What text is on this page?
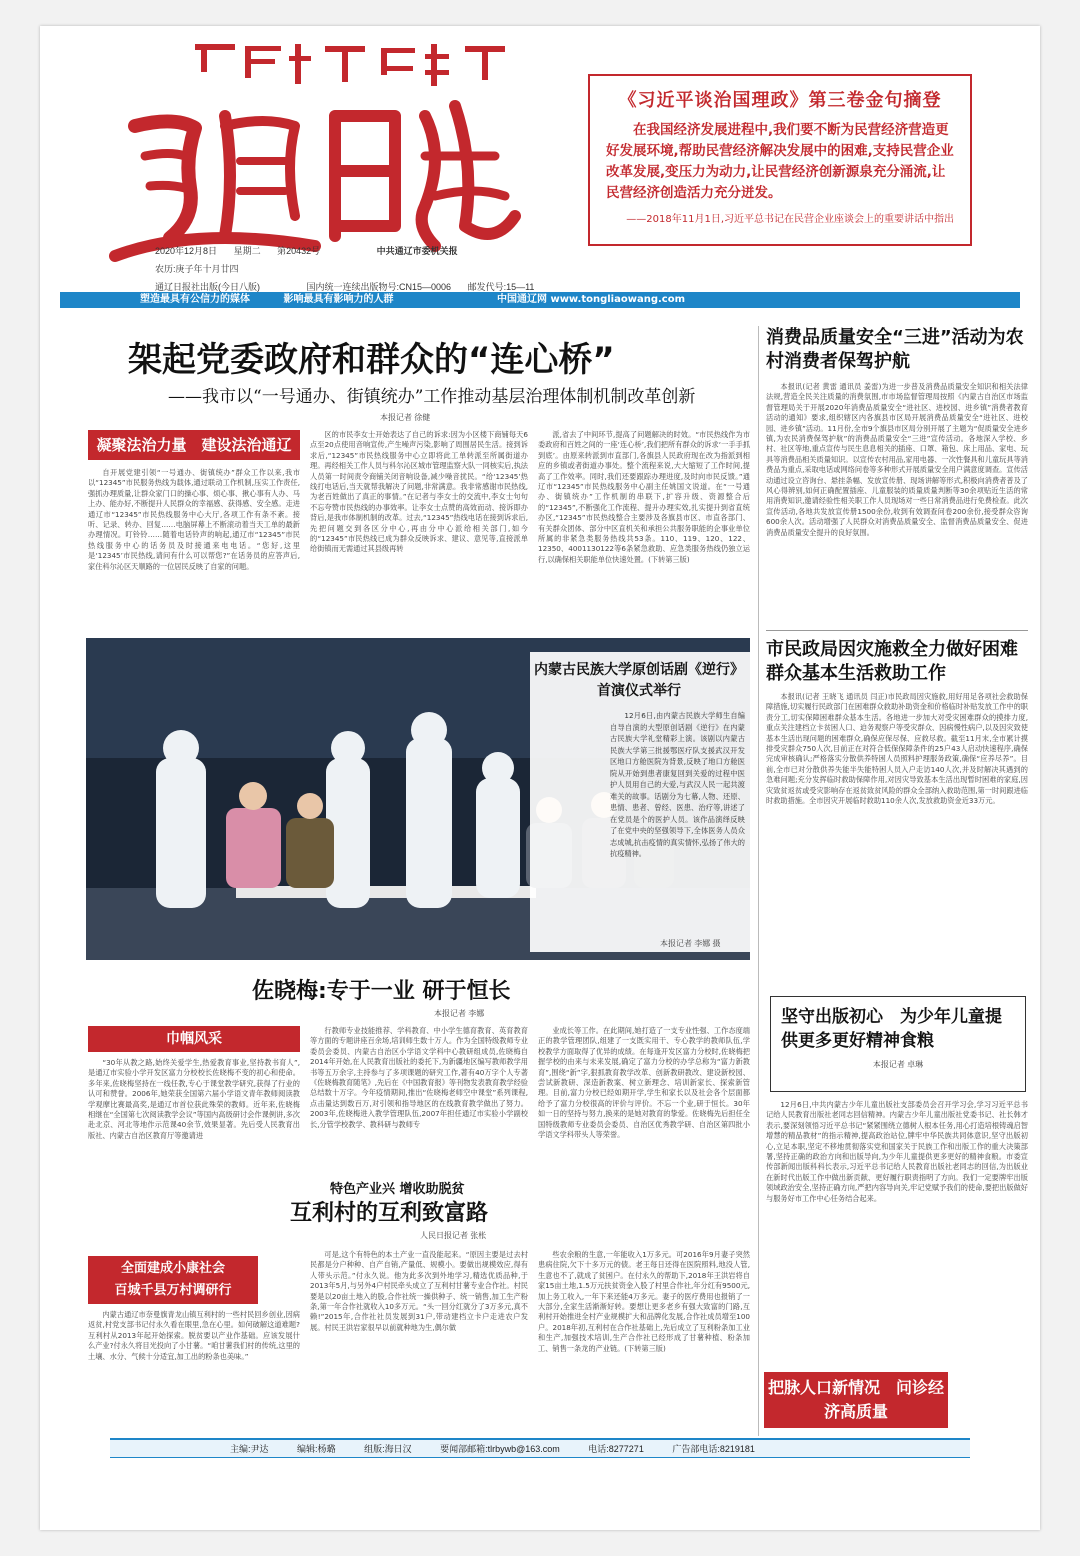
《习近平谈治国理政》第三卷金句摘登
在我国经济发展进程中,我们要不断为民营经济营造更好发展环境,帮助民营经济解决发展中的困难,支持民营企业改革发展,变压力为动力,让民营经济创新源泉充分涌流,让民营经济创造活力充分迸发。
——2018年11月1日,习近平总书记在民营企业座谈会上的重要讲话中指出
2020年12月8日 星期二 第20432号	中共通辽市委机关报
农历:庚子年十月廿四
通辽日报社出版(今日八版)	国内统一连续出版物号:CN15—0006 邮发代号:15—11
塑造最具有公信力的媒体	影响最具有影响力的人群	中国通辽网 www.tongliaowang.com
架起党委政府和群众的“连心桥”
——我市以“一号通办、街镇统办”工作推动基层治理体制机制改革创新
本报记者 徐健
凝聚法治力量　建设法治通辽
自开展党建引领“一号通办、街镇统办”群众工作以来,我市以“12345”市民服务热线为载体,通过联动工作机制,压实工作责任,强抓办理质量,让群众家门口的操心事、烦心事、揪心事有人办、马上办、能办好,不断提升人民群众的幸福感、获得感、安全感。走进通辽市“12345”市民热线服务中心大厅,各项工作有条不紊。接听、记录、转办、回复……电脑屏幕上不断滚动着当天工单的最新办理情况。叮铃铃……随着电话铃声的响起,通辽市“12345”市民热线服务中心的话务员及时接通来电电话。“您好,这里是‘12345’市民热线,请问有什么可以帮您?”在话务员的应答声后,家住科尔沁区天顺路的一位居民反映了自家的问题。
区的市民李女士开始表达了自己的诉求:因为小区楼下商铺每天6点至20点使用音响宣传,产生噪声污染,影响了周围居民生活。接到诉求后,“12345”市民热线服务中心立即将此工单转派至所属街道办理。再经相关工作人员与科尔沁区城市管理监察大队一同核实后,执法人员第一时间责令商铺关闭音响设备,减少噪音扰民。“给‘12345’热线打电话后,当天就帮我解决了问题,非常满意。我非常感谢市民热线,为老百姓做出了真正的事情。”在记者与李女士的交流中,李女士句句不忘夸赞市民热线的办事效率。让李女士点赞的高效而动、接诉即办背后,是我市体制机制的改革。过去,“12345”热线电话在接到诉求后,先把问题交到各区分中心,再由分中心派给相关部门,如今的“12345”市民热线已成为群众反映诉求、建议、意见等,直接派单给街镇而无需通过其县级再转
派,省去了中间环节,提高了问题解决的时效。“市民热线作为市委政府和百姓之间的一座‘连心桥’,我们把所有群众的诉求‘一手手抓到底’。由原来转派到市直部门,各旗县人民政府现在改为指派到相应的乡镇或者街道办事处。整个流程来说,大大缩短了工作时间,提高了工作效率。同时,我们还要跟踪办理进度,及时向市民反馈。”通辽市“12345”市民热线服务中心副主任姚国文说道。在“一号通办、街镇统办”工作机制的串联下,扩容升级、资源整合后的“12345”,不断强化工作流程、提升办理实效,扎实提升到省直统办区,“12345”市民热线整合主要涉及各旗县市区、市直各部门、有关群众团体、部分中区直机关和承担公共服务职能的企事业单位所属的非紧急类服务热线共53条。110、119、120、122、12350、4001130122等6条紧急救助、应急类服务热线仍独立运行,以确保相关职能单位快速处置。(下转第三版)
内蒙古民族大学原创话剧《逆行》首演仪式举行
12月6日,由内蒙古民族大学师生自编自导自演的大型原创话剧《逆行》在内蒙古民族大学礼堂精彩上演。该剧以内蒙古民族大学第三批援鄂医疗队支援武汉开发区地口方舱医院为背景,反映了地口方舱医院从开始到患者康复回到关爱的过程中医护人员用自己的大爱,与武汉人民一起共渡难关的故事。话剧分为七幕,人物、还原、患情、患者、曾经、医患、治疗等,讲述了在党员是个的医护人员。该作品演绎反映了在党中央的坚强领导下,全体医务人员众志成城,抗击疫情的真实情怀,弘扬了伟大的抗疫精神。
本报记者 李娜 摄
佐晓梅:专于一业 研于恒长
本报记者 李娜
巾帼风采
“30年从教之路,始终关爱学生,热爱教育事业,坚持教书育人”,是通辽市实验小学开发区富力分校校长佐晓梅不变的初心和使命。多年来,佐晓梅坚持在一线任教,专心于课堂教学研究,获得了行业的认可和赞誉。2006年,她荣获全国第六届小学语文青年教师阅读教学观摩比赛最高奖,是通辽市首位获此殊荣的教师。近年来,佐晓梅相继在“全国第七次阅读教学会议”等国内高级研讨会作课例讲,多次赴北京、河北等地作示范课40余节,效果显著。先后受人民教育出版社、内蒙古自治区教育厅等邀请进
行教师专业技能推荐、学科教育、中小学生德育教育、英育教育等方面的专题讲座百余场,培训师生数十万人。作为全国特级教师专业委员会委员、内蒙古自治区小学语文学科中心教研组成员,佐晓梅自2014年开始,在人民教育出版社的委托下,为新疆地区编写教师教学用书等五万余字,主持参与了多项课题的研究工作,著有40万字个人专著《佐晓梅教育随笔》,先后在《中国教育报》等刊物发表教育教学经验总结数十万字。今年疫情期间,推出“佐晓梅老师空中课堂”系列课程,点击量达到数百万,对引领和指导地区的在线教育教学做出了努力。2003年,佐晓梅进入教学管理队伍,2007年担任通辽市实验小学副校长,分管学校教学、教科研与教师专
业成长等工作。在此期间,她打造了一支专业性强、工作态度端正的教学管理团队,组建了一支既实用干、专心教学的教师队伍,学校教学方面取得了优异的成绩。在每逢开发区富力分校时,佐晓梅把握学校的由来与未来发展,确定了富力分校的办学总称为“富力新教育”,围绕“新”字,狠抓教育教学改革、创新教研教改、建设新校园、尝试新教研、深造新教案、树立新理念、培训新家长、探索新管理。目前,富力分校已经如期开学,学生和家长以及社会各个层面都给予了富力分校很高的评价与评价。不忘一个业,研于恒长。30年如一日的坚持与努力,换来的是她对教育的挚爱。佐晓梅先后担任全国特级教师专业委员会委员、自治区优秀教学研、自治区第四批小学语文学科带头人等荣誉。
特色产业兴 增收助脱贫
互利村的互利致富路
人民日报记者 张枨
全面建成小康社会
百城千县万村调研行
内蒙古通辽市奈曼旗青龙山镇互利村的一些村民回乡创业,因病返贫,村党支部书记付永久看在眼里,急在心里。如何破解这道难题?互利村从2013年起开始探索。脱贫要以产业作基础。应该发展什么产业?付永久将目光投向了小甘薯。“咱甘薯我们村的传统,这里的土壤、水分、气候十分适宜,加工出的粉条也美味。”
可是,这个有特色的本土产业一直没能起来。“原因主要是过去村民都是分户种种、自产自销,产量低、规模小。要做出规模效应,得有人带头示范。”付永久说。他为此多次到外地学习,精选优质品种,于2013年5月,与另外4户村民牵头成立了互利村甘薯专业合作社。村民要是以20亩土地入的股,合作社统一操供种子、统一销售,加工生产粉条,第一年合作社就收入10多万元。“头一回分红就分了3万多元,真不赖!”2015年,合作社社员发展到31户,带动建档立卡户走进农户发展。村民王洪岩家很早以前就种地为生,偶尔做
些农余粮的生意,一年能收入1万多元。可2016年9月妻子突然患病住院,欠下十多万元的债。老王每日还得在医院照料,地没人管,生意也不了,就成了贫困户。在付永久的帮助下,2018年王洪岩将自家15亩土地,1.5万元扶贫资金入股了村里合作社,年分红有9500元,加上务工收入,一年下来还能4万多元。妻子的医疗费用也报销了一大部分,全家生活渐渐好转。要想让更多老乡有强大致富的门路,互利村开始推进全村产业规模扩大和品牌化发展,合作社成员增至100户。2018年初,互利村在合作社基础上,先后成立了互利粉条加工业和生产,加强技术培训,生产合作社已经形成了甘薯种植、粉条加工、销售一条龙的产业链。(下转第三版)
消费品质量安全“三进”活动为农村消费者保驾护航
本报讯(记者 黄雷 通讯员 姜雷)为进一步普及消费品质量安全知识和相关法律法规,营造全民关注质量的消费氛围,市市场监督管理局按照《内蒙古自治区市场监督管理局关于开展2020年消费品质量安全“进社区、进校园、进乡镇”消费者教育活动的通知》要求,组织辖区内各旗县市区局开展消费品质量安全“进社区、进校园、进乡镇”活动。11月份,全市9个旗县市区局分别开展了主题为“促质量安全进乡镇,为农民消费保驾护航”的消费品质量安全“三进”宣传活动。各地深入学校、乡村、社区等地,重点宣传与民生息息相关的插座、口罩、箱包、床上用品、家电、玩具等消费品相关质量知识。以宣传农村用品,家用电器、一次性餐具和儿童玩具等消费品为重点,采取电话或网络问卷等多种形式开展质量安全用户满意度调查。宣传活动通过设立咨询台、悬挂条幅、发放宣传册、现场讲解等形式,积极向消费者普及了风心得辨别,如何正确配置插座、儿童服装的质量质量判断等30余项贴近生活的常用消费知识,邀请经验性相关职工作人员现场对一些日常消费品进行免费检查。此次宣传活动,各地共发放宣传册1500余份,收到有效调查问卷200余份,接受群众咨询600余人次。活动增强了人民群众对消费品质量安全、监督消费品质量安全、促进消费品质量安全提升的良好氛围。
市民政局因灾施救全力做好困难群众基本生活救助工作
本报讯(记者 王晓飞 通讯员 闫正)市民政局因灾施救,用好用足各项社会救助保障措施,切实履行民政部门在困难群众救助补助资金和价格临时补贴发放工作中的职责分工,切实保障困难群众基本生活。各地进一步加大对受灾困难群众的摸排力度,重点关注建档立卡贫困人口、迫务观察户等受灾群众、因病慢性病户,以及因灾致使基本生活出现问题的困难群众,确保应保尽保、应救尽救。截至11月末,全市累计摸排受灾群众750人次,目前正在对符合低保保障条件的25户43人启动快速程序,确保完成审核确认;严格落实分散供养特困人员照料护理服务政策,确保“应养尽养”。目前,全市已对分散供养失能半失能特困人员入户走访140人次,并及时解决其遇到的急难问题;充分发挥临时救助保障作用,对因灾导致基本生活出现暂时困难的家庭,因灾致贫返贫或受灾影响存在返贫致贫风险的群众全部纳入救助范围,第一时间跟进临时救助措施。全市因灾开展临时救助110余人次,发放救助资金近33万元。
坚守出版初心　为少年儿童提供更多更好精神食粮
本报记者 卓琳
12月6日,中共内蒙古少年儿童出版社支部委员会召开学习会,学习习近平总书记给人民教育出版社老同志回信精神。内蒙古少年儿童出版社党委书记、社长韩才表示,要深刻领悟习近平总书记“紧紧围绕立德树人根本任务,用心打造培根铸魂启智增慧的精品教材”的指示精神,提高政治站位,牌牢中华民族共同体意识,坚守出版初心,立足本职,坚定不移地贯彻落实党和国家关于民族工作和出版工作的重大决策部署,坚持正确的政治方向和出版导向,为少年儿童提供更多更好的精神食粮。市委宣传部新闻出版科科长表示,习近平总书记给人民教育出版社老同志的回信,为出版业在新时代出版工作中做出新贡献、更好履行职责指明了方向。我们一定要牌牢出版领域政治安全,坚持正确方向,严把内容导向关,牢记党赋予我们的使命,要把出版做好与服务好市工作中心任务结合起来。
把脉人口新情况　问诊经济高质量
主编:尹达	编辑:杨璐	组版:海日汉	要闻部邮箱:tlrbywb@163.com	电话:8277271	广告部电话:8219181
